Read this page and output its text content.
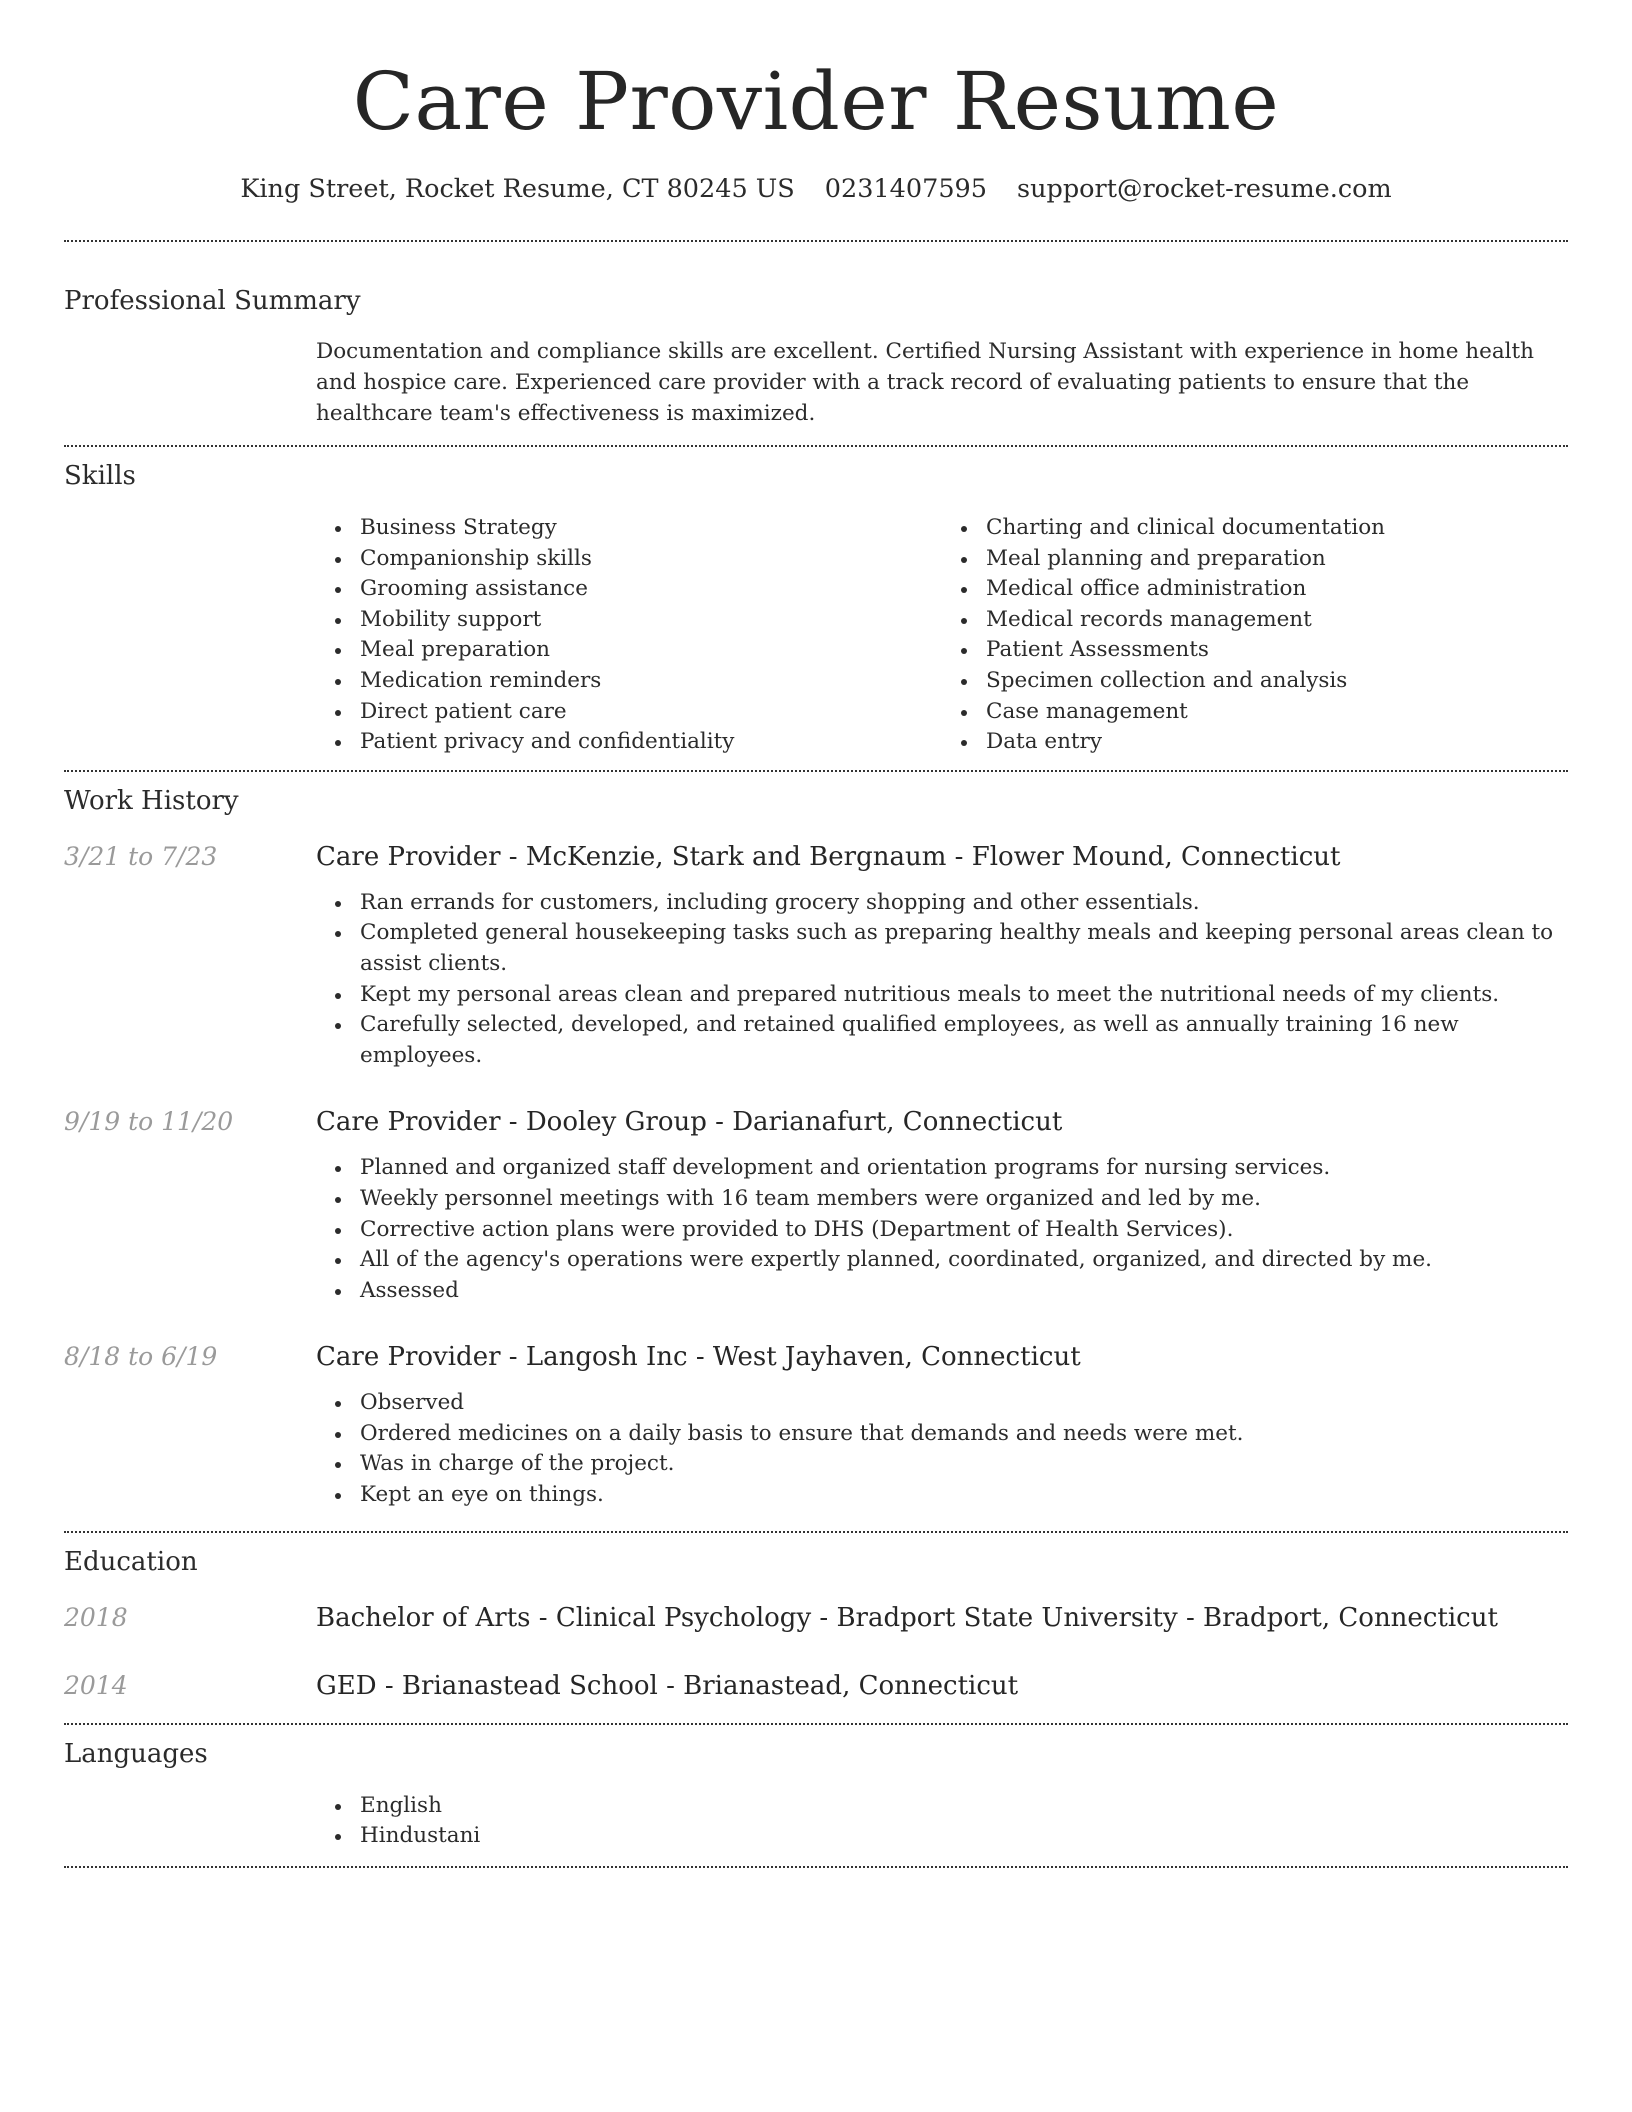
Care Provider Resume
King Street, Rocket Resume, CT 80245 US 0231407595 support@rocket-resume.com
Professional Summary
Documentation and compliance skills are excellent. Certified Nursing Assistant with experience in home health and hospice care. Experienced care provider with a track record of evaluating patients to ensure that the healthcare team's effectiveness is maximized.
Skills
Business Strategy
Companionship skills
Grooming assistance
Mobility support
Meal preparation
Medication reminders
Direct patient care
Patient privacy and confidentiality
Charting and clinical documentation
Meal planning and preparation
Medical office administration
Medical records management
Patient Assessments
Specimen collection and analysis
Case management
Data entry
Work History
3/21 to 7/23	Care Provider - McKenzie, Stark and Bergnaum - Flower Mound, Connecticut
Ran errands for customers, including grocery shopping and other essentials.
Completed general housekeeping tasks such as preparing healthy meals and keeping personal areas clean to assist clients.
Kept my personal areas clean and prepared nutritious meals to meet the nutritional needs of my clients.
Carefully selected, developed, and retained qualified employees, as well as annually training 16 new employees.
9/19 to 11/20	Care Provider - Dooley Group - Darianafurt, Connecticut
Planned and organized staff development and orientation programs for nursing services.
Weekly personnel meetings with 16 team members were organized and led by me.
Corrective action plans were provided to DHS (Department of Health Services).
All of the agency's operations were expertly planned, coordinated, organized, and directed by me.
Assessed
8/18 to 6/19	Care Provider - Langosh Inc - West Jayhaven, Connecticut
Observed
Ordered medicines on a daily basis to ensure that demands and needs were met.
Was in charge of the project.
Kept an eye on things.
Education
2018	Bachelor of Arts - Clinical Psychology - Bradport State University - Bradport, Connecticut
2014	GED - Brianastead School - Brianastead, Connecticut
Languages
English
Hindustani
